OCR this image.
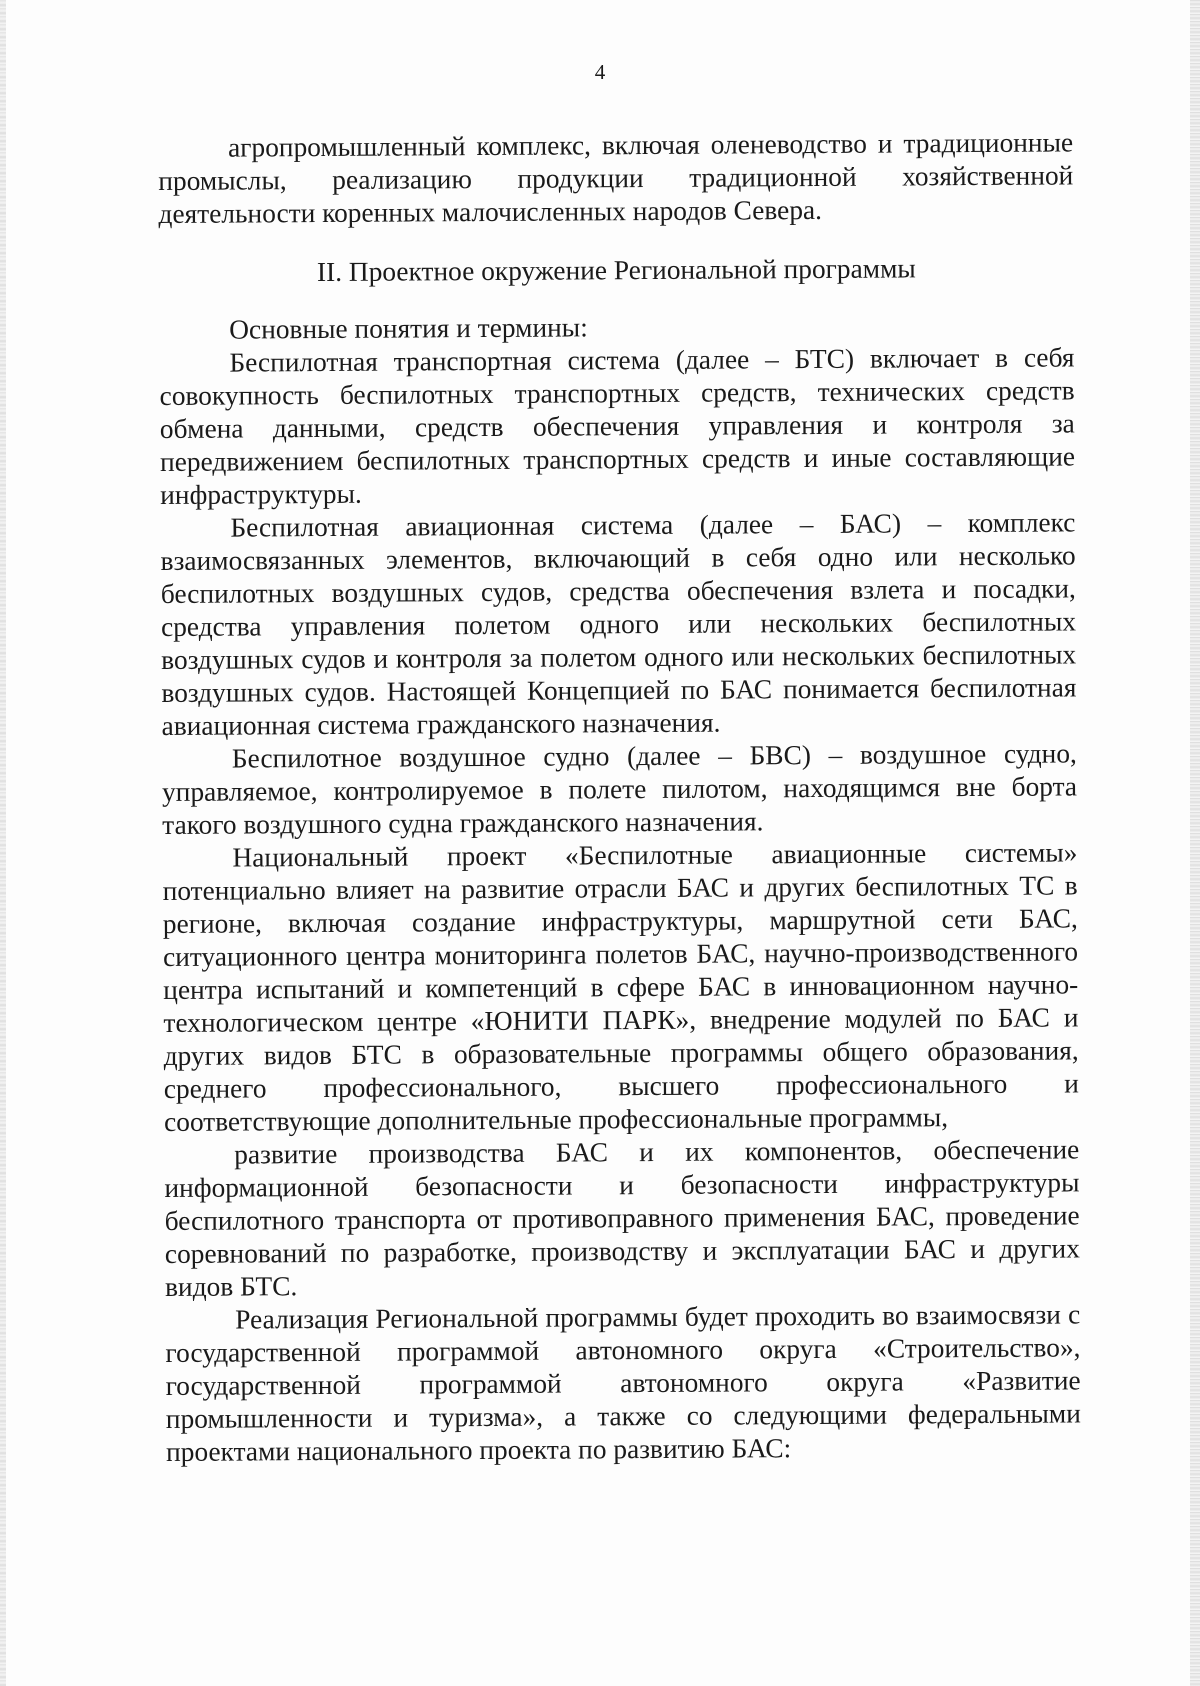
4

агропромышленный комплекс, включая оленеводство и традиционные промыслы, реализацию продукции традиционной хозяйственной деятельности коренных малочисленных народов Севера.

II. Проектное окружение Региональной программы

Основные понятия и термины:

Беспилотная транспортная система (далее – БТС) включает в себя совокупность беспилотных транспортных средств, технических средств обмена данными, средств обеспечения управления и контроля за передвижением беспилотных транспортных средств и иные составляющие инфраструктуры.

Беспилотная авиационная система (далее – БАС) – комплекс взаимосвязанных элементов, включающий в себя одно или несколько беспилотных воздушных судов, средства обеспечения взлета и посадки, средства управления полетом одного или нескольких беспилотных воздушных судов и контроля за полетом одного или нескольких беспилотных воздушных судов. Настоящей Концепцией по БАС понимается беспилотная авиационная система гражданского назначения.

Беспилотное воздушное судно (далее – БВС) – воздушное судно, управляемое, контролируемое в полете пилотом, находящимся вне борта такого воздушного судна гражданского назначения.

Национальный проект «Беспилотные авиационные системы» потенциально влияет на развитие отрасли БАС и других беспилотных ТС в регионе, включая создание инфраструктуры, маршрутной сети БАС, ситуационного центра мониторинга полетов БАС, научно-производственного центра испытаний и компетенций в сфере БАС в инновационном научно-технологическом центре «ЮНИТИ ПАРК», внедрение модулей по БАС и других видов БТС в образовательные программы общего образования, среднего профессионального, высшего профессионального и соответствующие дополнительные профессиональные программы,

развитие производства БАС и их компонентов, обеспечение информационной безопасности и безопасности инфраструктуры беспилотного транспорта от противоправного применения БАС, проведение соревнований по разработке, производству и эксплуатации БАС и других видов БТС.

Реализация Региональной программы будет проходить во взаимосвязи с государственной программой автономного округа «Строительство», государственной программой автономного округа «Развитие промышленности и туризма», а также со следующими федеральными проектами национального проекта по развитию БАС:
